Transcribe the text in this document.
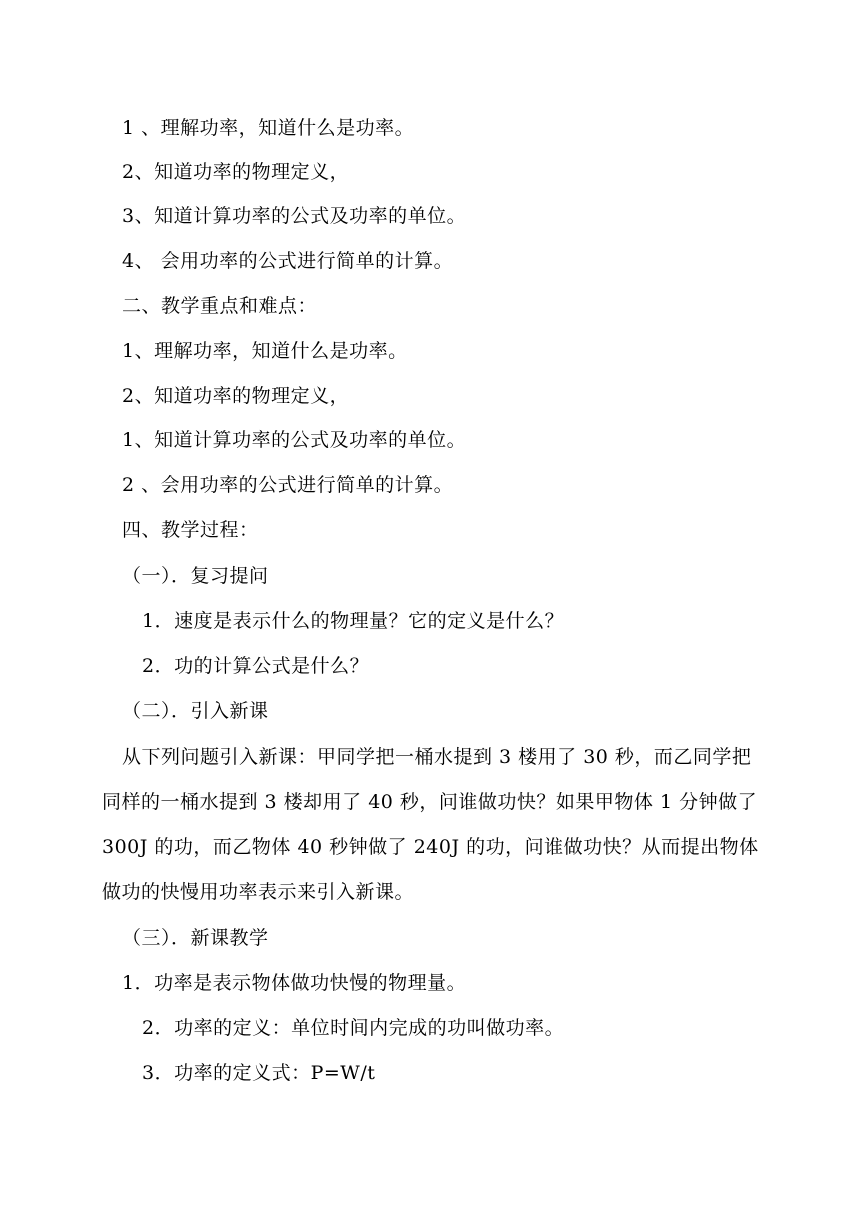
1 、理解功率，知道什么是功率。
2、知道功率的物理定义，
3、知道计算功率的公式及功率的单位。
4、 会用功率的公式进行简单的计算。
二、教学重点和难点：
1、理解功率，知道什么是功率。
2、知道功率的物理定义，
1、知道计算功率的公式及功率的单位。
2 、会用功率的公式进行简单的计算。
四、教学过程：
（一）．复习提问
1．速度是表示什么的物理量？它的定义是什么？
2．功的计算公式是什么？
（二）．引入新课
从下列问题引入新课：甲同学把一桶水提到 3 楼用了 30 秒，而乙同学把
同样的一桶水提到 3 楼却用了 40 秒，问谁做功快？如果甲物体 1 分钟做了
300J 的功，而乙物体 40 秒钟做了 240J 的功，问谁做功快？从而提出物体
做功的快慢用功率表示来引入新课。
（三）．新课教学
1．功率是表示物体做功快慢的物理量。
2．功率的定义：单位时间内完成的功叫做功率。
3．功率的定义式：P=W/t
